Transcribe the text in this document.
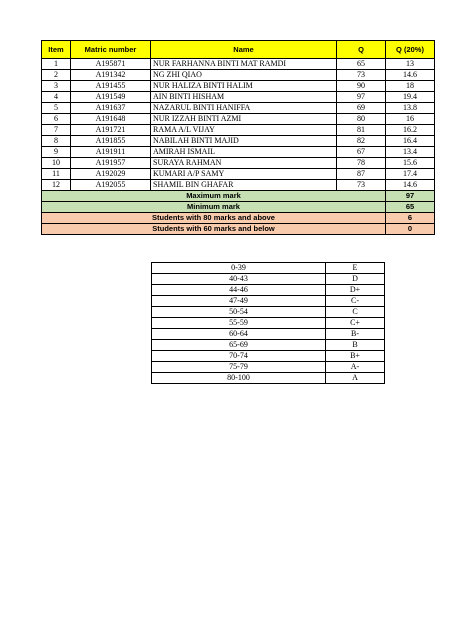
Item	Matric number	Name	Q	Q (20%)
1	A195871	NUR FARHANNA BINTI MAT RAMDI	65	13
2	A191342	NG ZHI QIAO	73	14.6
3	A191455	NUR HALIZA BINTI HALIM	90	18
4	A191549	AIN BINTI HISHAM	97	19.4
5	A191637	NAZARUL BINTI HANIFFA	69	13.8
6	A191648	NUR IZZAH BINTI AZMI	80	16
7	A191721	RAMA A/L VIJAY	81	16.2
8	A191855	NABILAH BINTI MAJID	82	16.4
9	A191911	AMIRAH ISMAIL	67	13.4
10	A191957	SURAYA RAHMAN	78	15.6
11	A192029	KUMARI A/P SAMY	87	17.4
12	A192055	SHAMIL BIN GHAFAR	73	14.6
Maximum mark				97
Minimum mark				65
Students with 80 marks and above				6
Students with 60 marks and below				0
0-39	E
40-43	D
44-46	D+
47-49	C-
50-54	C
55-59	C+
60-64	B-
65-69	B
70-74	B+
75-79	A-
80-100	A
